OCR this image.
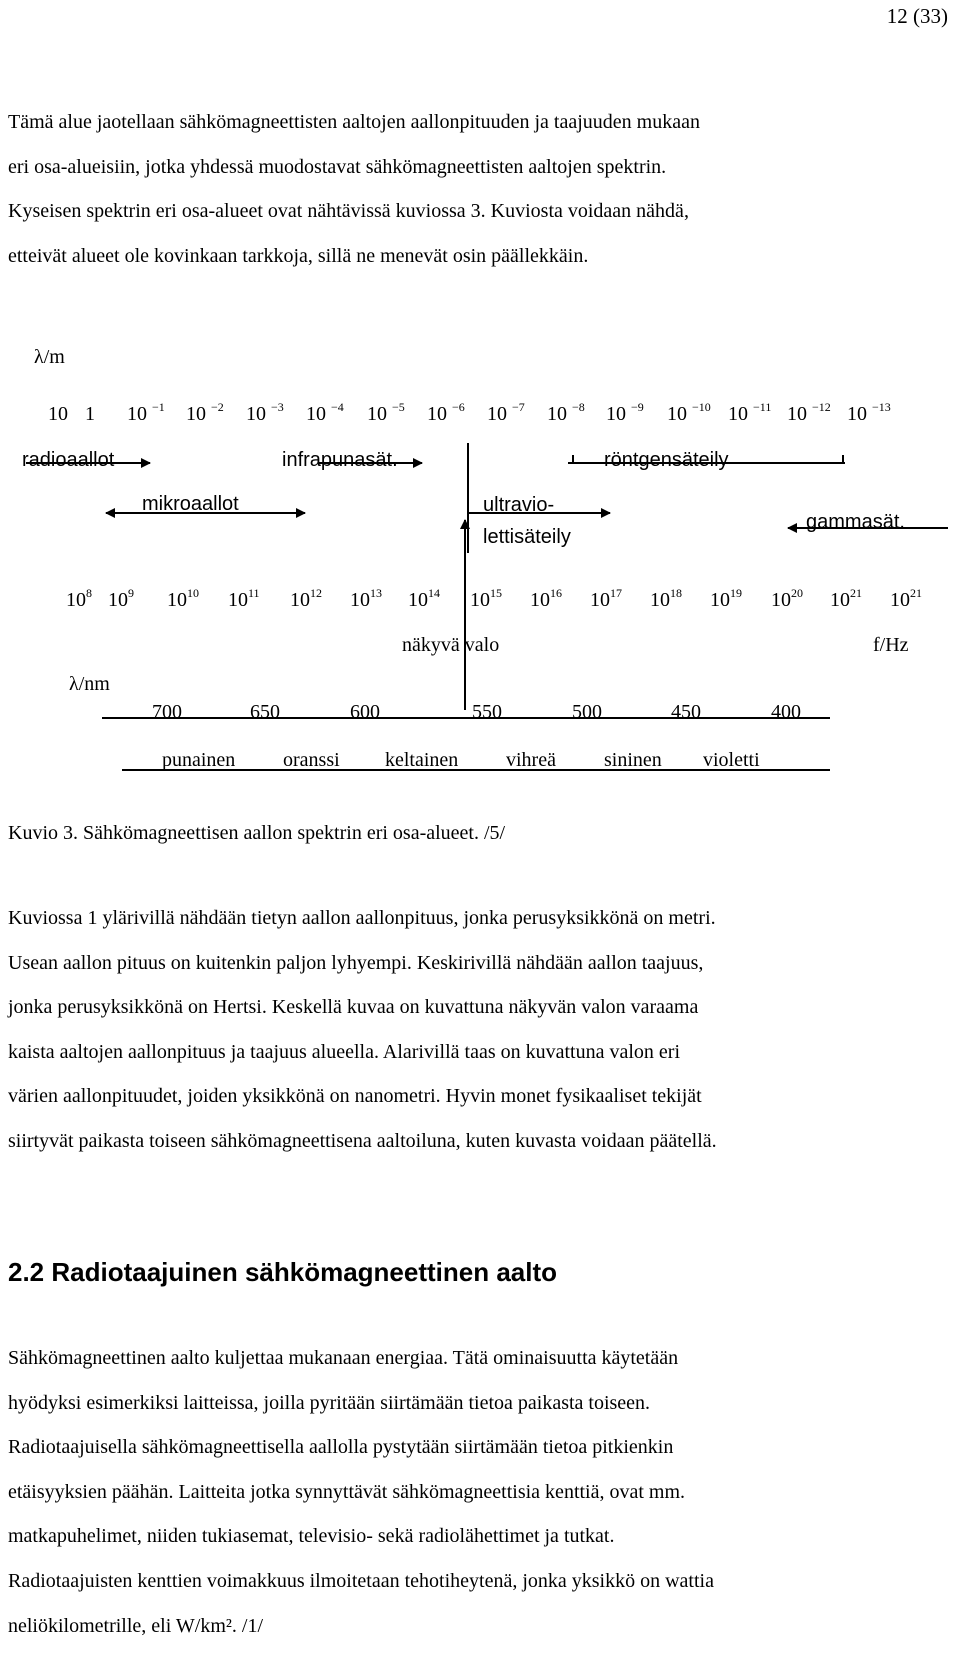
12 (33)
Tämä alue jaotellaan sähkömagneettisten aaltojen aallonpituuden ja taajuuden mukaan
eri osa-alueisiin, jotka yhdessä muodostavat sähkömagneettisten aaltojen spektrin.
Kyseisen spektrin eri osa-alueet ovat nähtävissä kuviossa 3. Kuviosta voidaan nähdä,
etteivät alueet ole kovinkaan tarkkoja, sillä ne menevät osin päällekkäin.
λ/m
10 1 10 $^{-1}$ 10 $^{-2}$ 10 $^{-3}$ 10 $^{-4}$ 10 $^{-5}$ 10 $^{-6}$ 10 $^{-7}$ 10 $^{-8}$ 10 $^{-9}$ 10 $^{-10}$ 10 $^{-11}$ 10 $^{-12}$ 10 $^{-13}$
radioaallot	infrapunasät.	röntgensäteily
mikroaallot	ultravio-
lettisäteily
gammasät.
$10^8$ $10^9$ $10^{10}$ $10^{11}$ $10^{12}$ $10^{13}$ $10^{14}$ $10^{15}$ $10^{16}$ $10^{17}$ $10^{18}$ $10^{19}$ $10^{20}$ $10^{21}$ $10^{21}$
näkyvä valo	f/Hz
λ/nm
700	650	600	550	500	450	400
punainen oranssi keltainen vihreä sininen violetti
Kuvio 3. Sähkömagneettisen aallon spektrin eri osa-alueet. /5/
Kuviossa 1 ylärivillä nähdään tietyn aallon aallonpituus, jonka perusyksikkönä on metri.
Usean aallon pituus on kuitenkin paljon lyhyempi. Keskirivillä nähdään aallon taajuus,
jonka perusyksikkönä on Hertsi. Keskellä kuvaa on kuvattuna näkyvän valon varaama
kaista aaltojen aallonpituus ja taajuus alueella. Alarivillä taas on kuvattuna valon eri
värien aallonpituudet, joiden yksikkönä on nanometri. Hyvin monet fysikaaliset tekijät
siirtyvät paikasta toiseen sähkömagneettisena aaltoiluna, kuten kuvasta voidaan päätellä.
2.2 Radiotaajuinen sähkömagneettinen aalto
Sähkömagneettinen aalto kuljettaa mukanaan energiaa. Tätä ominaisuutta käytetään
hyödyksi esimerkiksi laitteissa, joilla pyritään siirtämään tietoa paikasta toiseen.
Radiotaajuisella sähkömagneettisella aallolla pystytään siirtämään tietoa pitkienkin
etäisyyksien päähän. Laitteita jotka synnyttävät sähkömagneettisia kenttiä, ovat mm.
matkapuhelimet, niiden tukiasemat, televisio- sekä radiolähettimet ja tutkat.
Radiotaajuisten kenttien voimakkuus ilmoitetaan tehotiheytenä, jonka yksikkö on wattia
neliökilometrille, eli W/km². /1/
